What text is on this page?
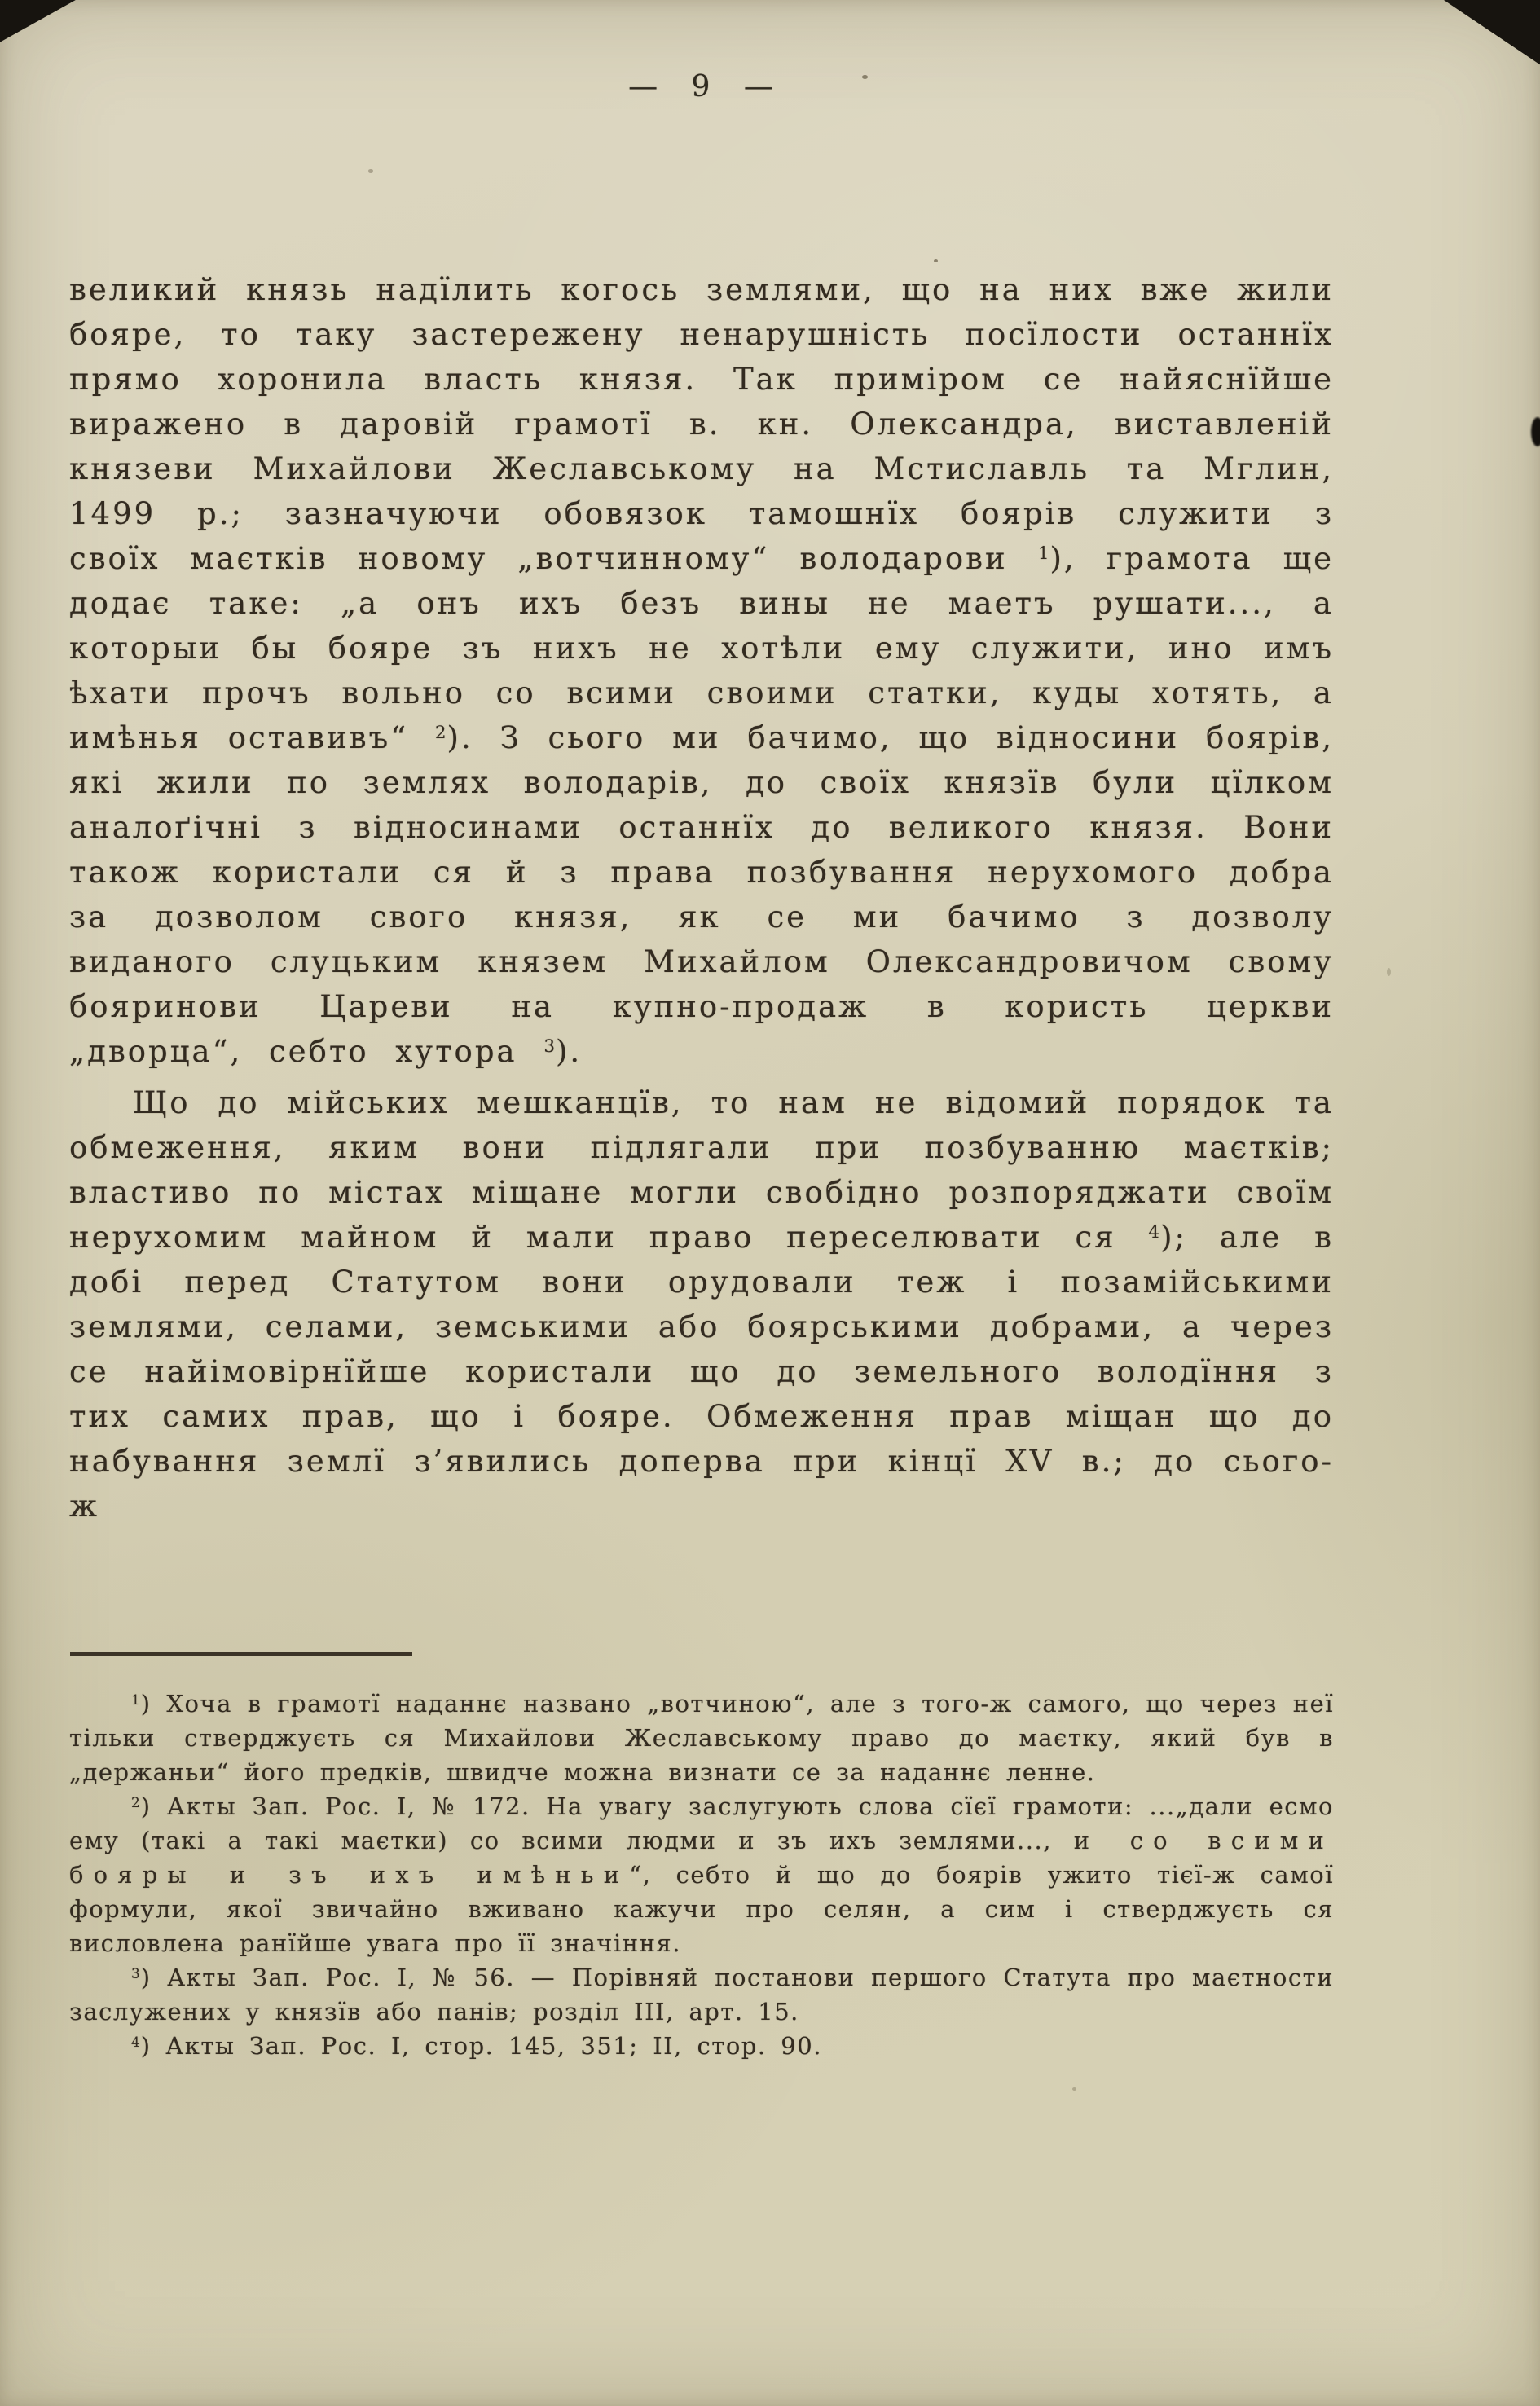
— 9 —

великий князь надїлить когось землями, що на них вже жили бояре, то таку застережену ненарушність посїлости останнїх прямо хоронила власть князя. Так приміром се найяснїйше виражено в даровій грамотї в. кн. Олександра, виставленій князеви Михайлови Жеславському на Мстиславль та Мглин, 1499 р.; зазначуючи обовязок тамошнїх боярів служити з своїх маєтків новому „вотчинному“ володарови $^1$), грамота ще додає таке: „а онъ ихъ безъ вины не маетъ рушати..., а которыи бы бояре зъ нихъ не хотѣли ему служити, ино имъ ѣхати прочъ вольно со всими своими статки, куды хотять, а имѣнья оставивъ“ $^2$). З сього ми бачимо, що відносини боярів, які жили по землях володарів, до своїх князїв були цїлком аналоґічні з відносинами останнїх до великого князя. Вони також користали ся й з права позбування нерухомого добра за дозволом свого князя, як се ми бачимо з дозволу виданого слуцьким князем Михайлом Олександровичом свому бояринови Цареви на купно-продаж в користь церкви „дворца“, себто хутора $^3$).

Що до мійських мешканцїв, то нам не відомий порядок та обмеження, яким вони підлягали при позбуванню маєтків; властиво по містах міщане могли свобідно розпоряджати своїм нерухомим майном й мали право переселювати ся $^4$); але в добі перед Статутом вони орудовали теж і позамійськими землями, селами, земськими або боярськими добрами, а через се найімовірнїйше користали що до земельного володїння з тих самих прав, що і бояре. Обмеження прав міщан що до набування землї з’явились доперва при кінцї XV в.; до сього-ж

$^1$) Хоча в грамотї наданнє названо „вотчиною“, але з того-ж самого, що через неї тільки стверджуєть ся Михайлови Жеславському право до маєтку, який був в „держаньи“ його предків, швидче можна визнати се за наданнє ленне.

$^2$) Акты Зап. Рос. I, № 172. На увагу заслугують слова сїєї грамоти: ...„дали есмо ему (такі а такі маєтки) со всими людми и зъ ихъ землями..., и со всими бояры и зъ ихъ имѣньи“, себто й що до боярів ужито тієї-ж самої формули, якої звичайно вживано кажучи про селян, а сим і стверджуєть ся висловлена ранїйше увага про її значіння.

$^3$) Акты Зап. Рос. I, № 56. — Порівняй постанови першого Статута про маєтности заслужених у князїв або панів; розділ III, арт. 15.

$^4$) Акты Зап. Рос. I, стор. 145, 351; II, стор. 90.
